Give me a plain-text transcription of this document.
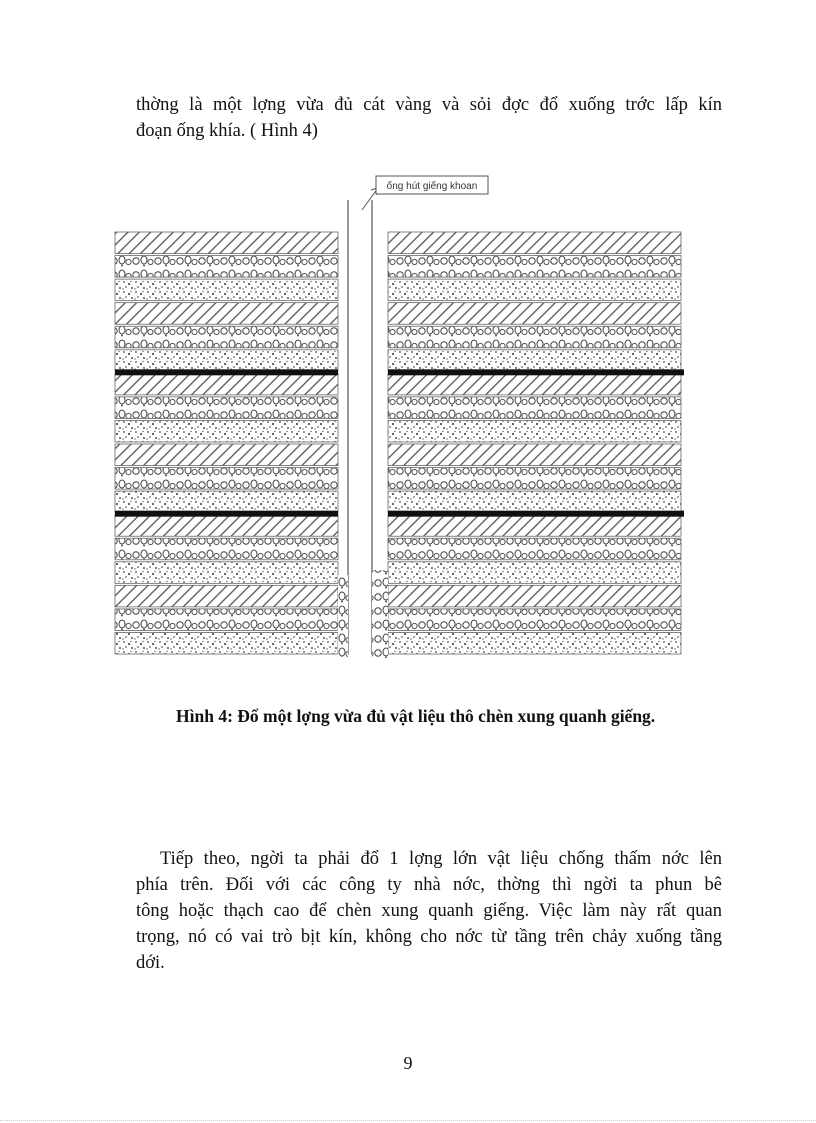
thờng là một lợng vừa đủ cát vàng và sỏi đợc đổ xuống trớc lấp kín
đoạn ống khía. ( Hình 4)
ống hút giếng khoan
Hình 4: Đổ một lợng vừa đủ vật liệu thô chèn xung quanh giếng.
Tiếp theo, ngời ta phải đổ 1 lợng lớn vật liệu chống thấm nớc lên
phía trên. Đối với các công ty nhà nớc, thờng thì ngời ta phun bê
tông hoặc thạch cao để chèn xung quanh giếng. Việc làm này rất quan
trọng, nó có vai trò bịt kín, không cho nớc từ tầng trên chảy xuống tầng
dới.
9
